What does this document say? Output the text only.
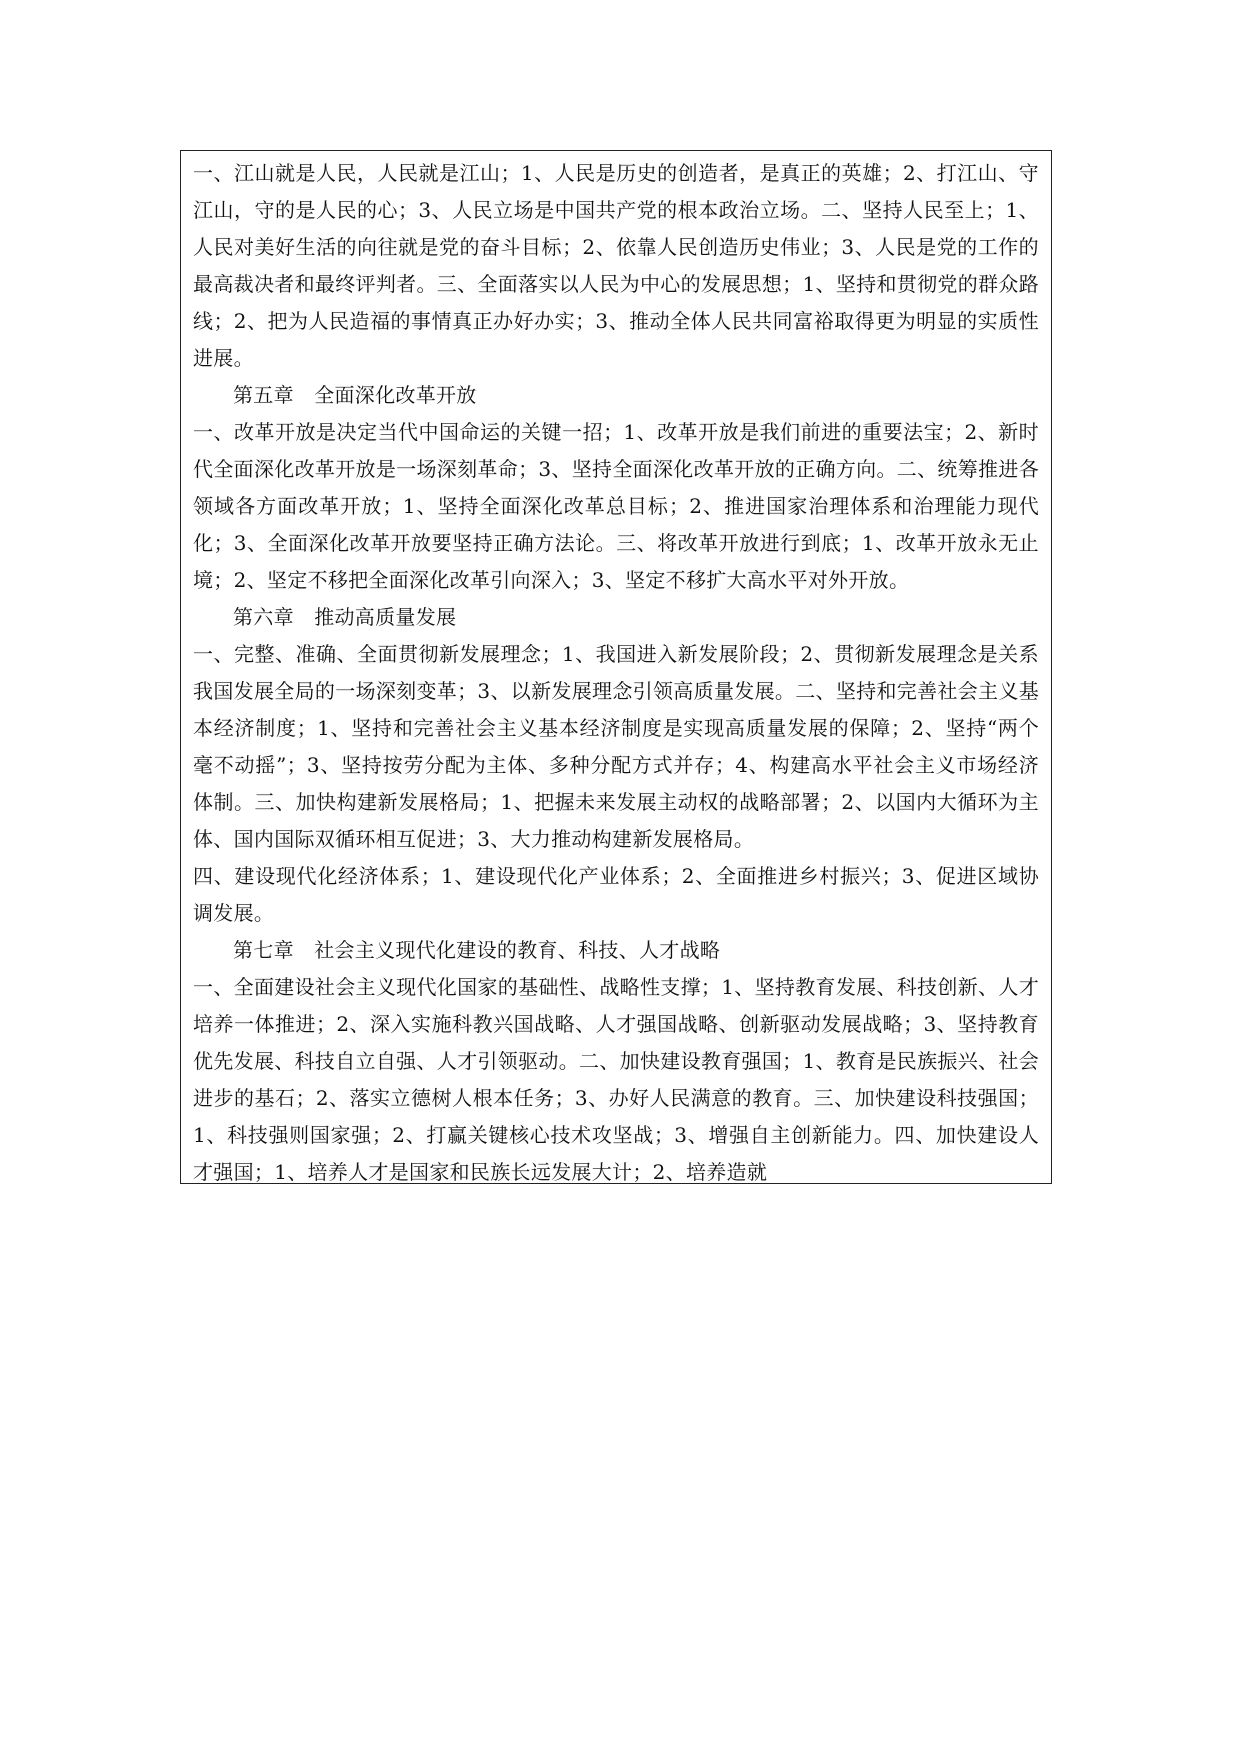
一、江山就是人民，人民就是江山；1、人民是历史的创造者，是真正的英雄；2、打江山、守江山，守的是人民的心；3、人民立场是中国共产党的根本政治立场。二、坚持人民至上；1、人民对美好生活的向往就是党的奋斗目标；2、依靠人民创造历史伟业；3、人民是党的工作的最高裁决者和最终评判者。三、全面落实以人民为中心的发展思想；1、坚持和贯彻党的群众路线；2、把为人民造福的事情真正办好办实；3、推动全体人民共同富裕取得更为明显的实质性进展。

第五章　全面深化改革开放

一、改革开放是决定当代中国命运的关键一招；1、改革开放是我们前进的重要法宝；2、新时代全面深化改革开放是一场深刻革命；3、坚持全面深化改革开放的正确方向。二、统筹推进各领域各方面改革开放；1、坚持全面深化改革总目标；2、推进国家治理体系和治理能力现代化；3、全面深化改革开放要坚持正确方法论。三、将改革开放进行到底；1、改革开放永无止境；2、坚定不移把全面深化改革引向深入；3、坚定不移扩大高水平对外开放。

第六章　推动高质量发展

一、完整、准确、全面贯彻新发展理念；1、我国进入新发展阶段；2、贯彻新发展理念是关系我国发展全局的一场深刻变革；3、以新发展理念引领高质量发展。二、坚持和完善社会主义基本经济制度；1、坚持和完善社会主义基本经济制度是实现高质量发展的保障；2、坚持“两个毫不动摇”；3、坚持按劳分配为主体、多种分配方式并存；4、构建高水平社会主义市场经济体制。三、加快构建新发展格局；1、把握未来发展主动权的战略部署；2、以国内大循环为主体、国内国际双循环相互促进；3、大力推动构建新发展格局。

四、建设现代化经济体系；1、建设现代化产业体系；2、全面推进乡村振兴；3、促进区域协调发展。

第七章　社会主义现代化建设的教育、科技、人才战略

一、全面建设社会主义现代化国家的基础性、战略性支撑；1、坚持教育发展、科技创新、人才培养一体推进；2、深入实施科教兴国战略、人才强国战略、创新驱动发展战略；3、坚持教育优先发展、科技自立自强、人才引领驱动。二、加快建设教育强国；1、教育是民族振兴、社会进步的基石；2、落实立德树人根本任务；3、办好人民满意的教育。三、加快建设科技强国；1、科技强则国家强；2、打赢关键核心技术攻坚战；3、增强自主创新能力。四、加快建设人才强国；1、培养人才是国家和民族长远发展大计；2、培养造就
